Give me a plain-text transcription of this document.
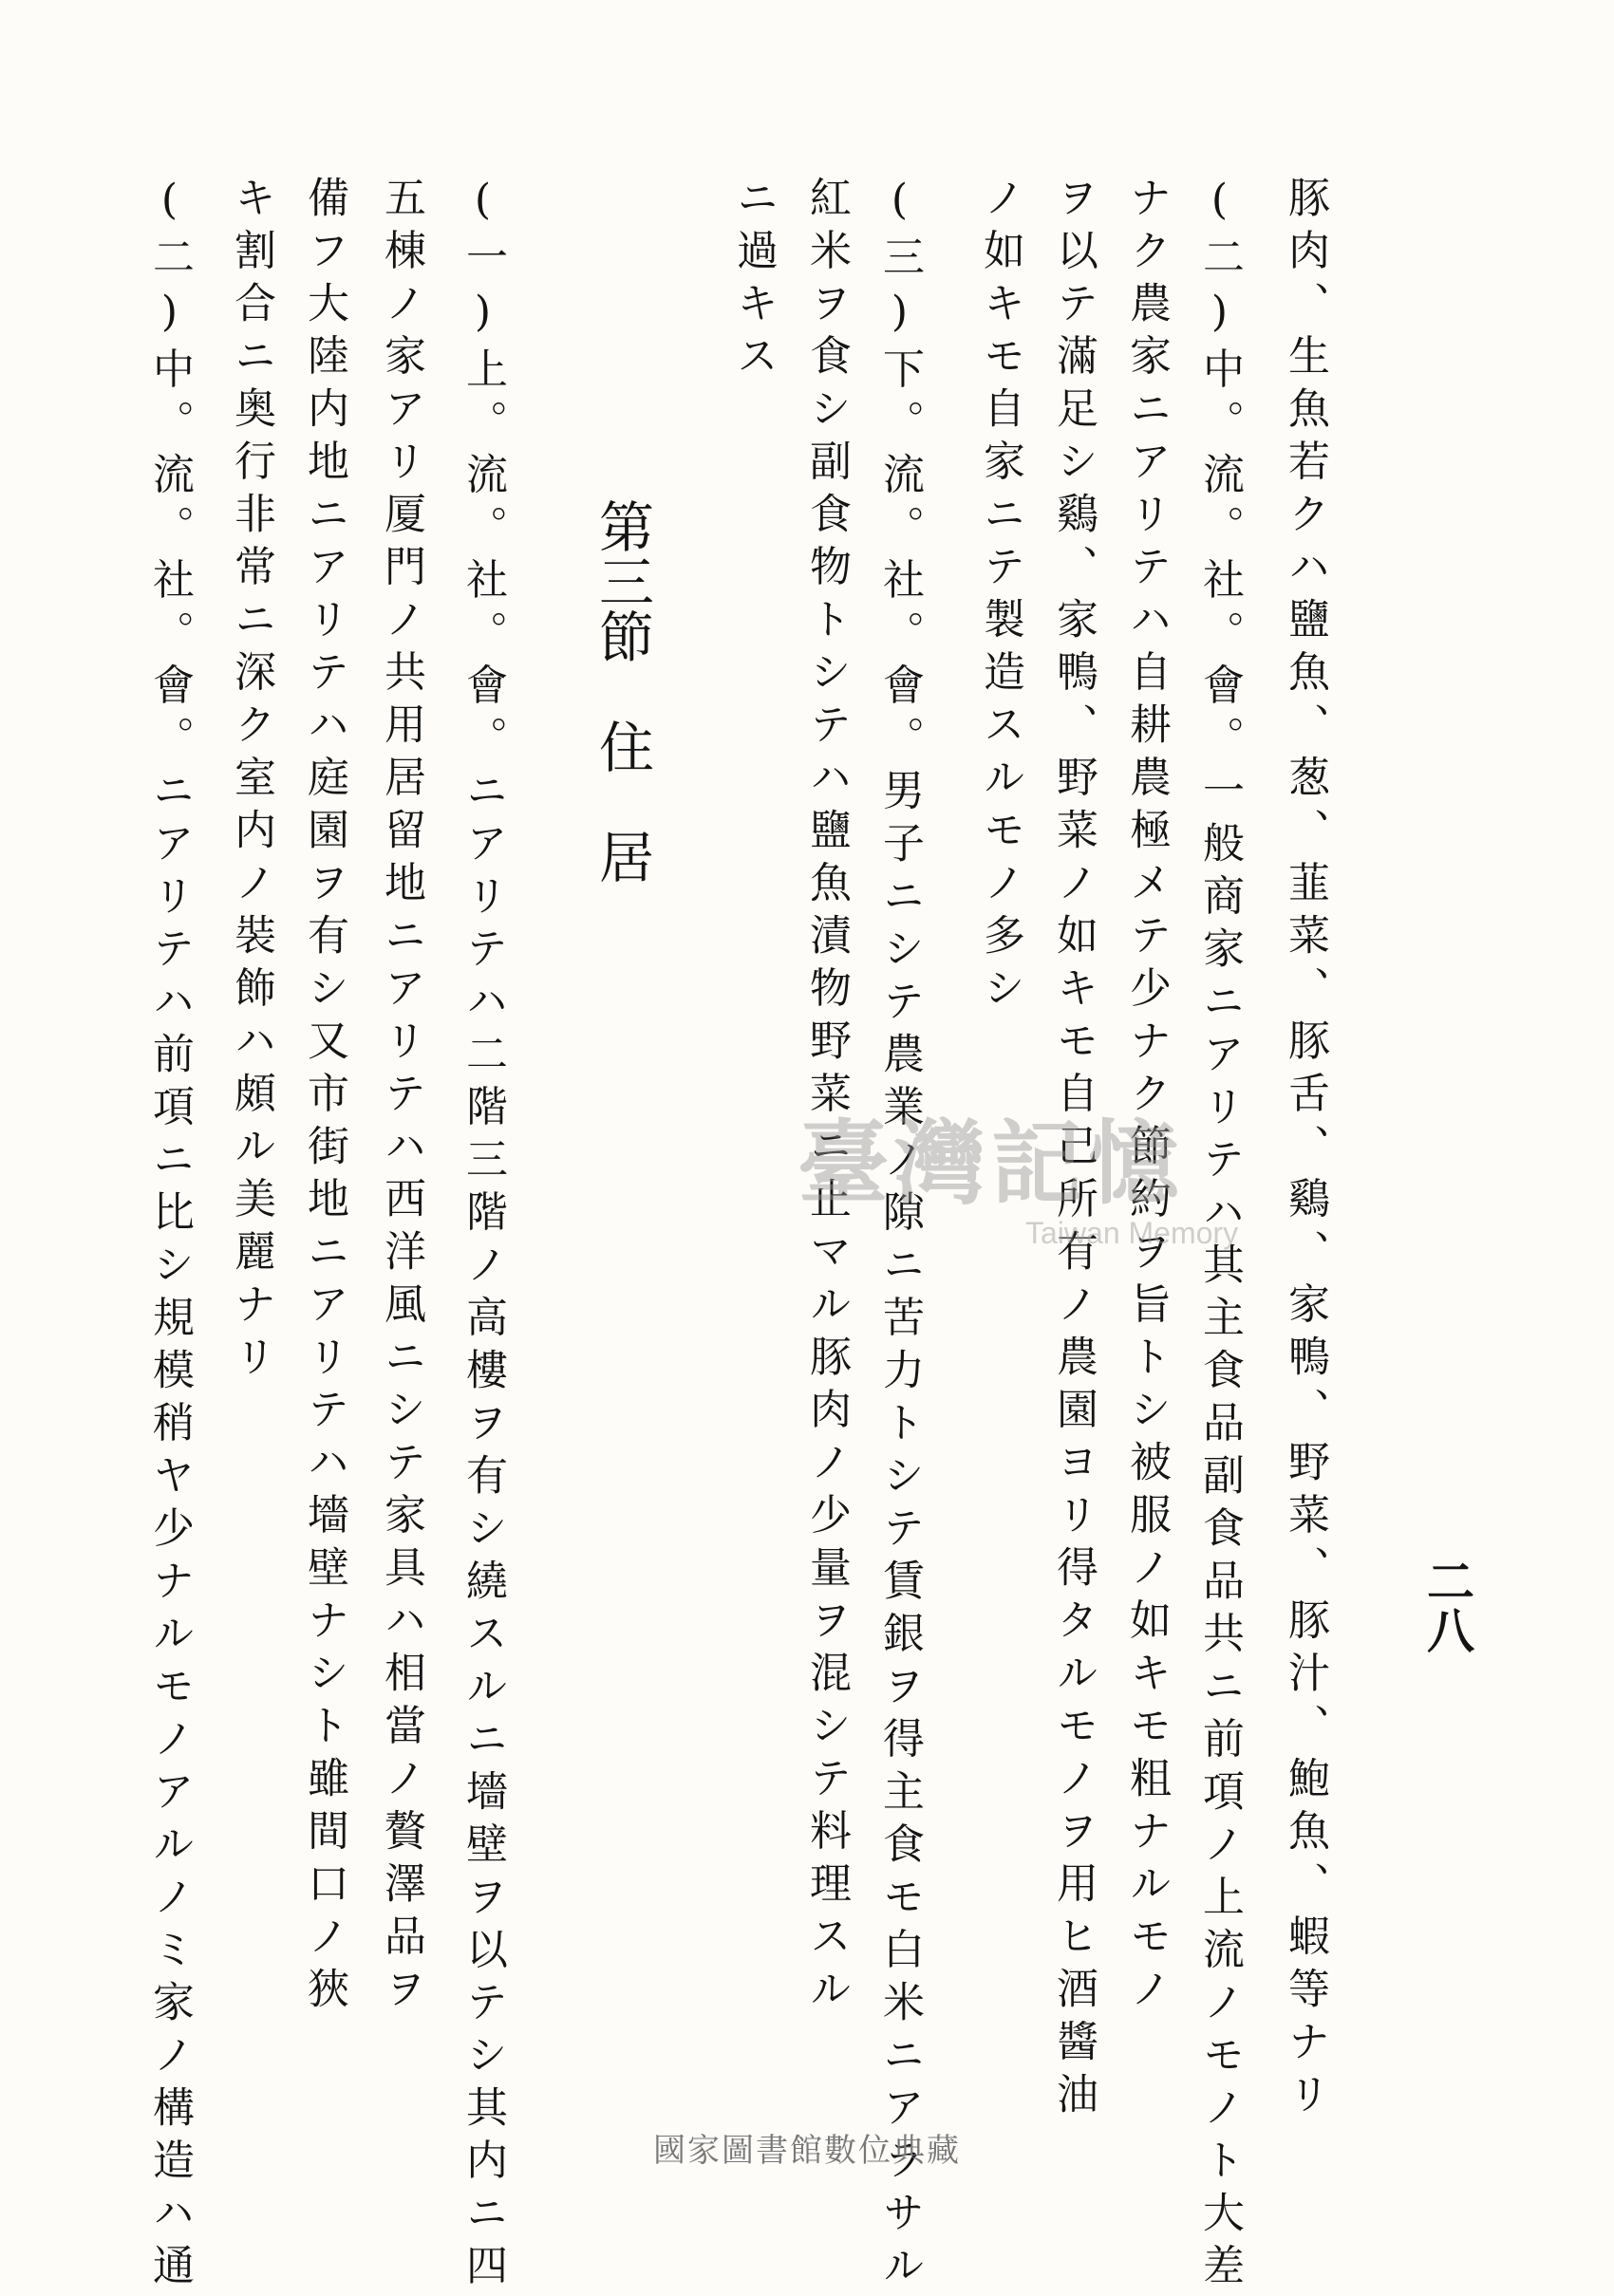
二八
豚肉、生魚若クハ鹽魚、葱、韮菜、豚舌、鷄、家鴨、野菜、豚汁、鮑魚、蝦等ナリ
(二)中。流。社。會。一般商家ニアリテハ其主食品副食品共ニ前項ノ上流ノモノト大差
ナク農家ニアリテハ自耕農極メテ少ナク節約ヲ旨トシ被服ノ如キモ粗ナルモノ
ヲ以テ滿足シ鷄、家鴨、野菜ノ如キモ自己所有ノ農園ヨリ得タルモノヲ用ヒ酒醬油
ノ如キモ自家ニテ製造スルモノ多シ
(三)下。流。社。會。男子ニシテ農業ノ隙ニ苦力トシテ賃銀ヲ得主食モ白米ニアラサル
紅米ヲ食シ副食物トシテハ鹽魚漬物野菜ニ止マル豚肉ノ少量ヲ混シテ料理スル
ニ過キス
第三節　住　居
(一)上。流。社。會。ニアリテハ二階三階ノ高樓ヲ有シ繞スルニ墻壁ヲ以テシ其内ニ四
五棟ノ家アリ厦門ノ共用居留地ニアリテハ西洋風ニシテ家具ハ相當ノ贅澤品ヲ
備フ大陸内地ニアリテハ庭園ヲ有シ又市街地ニアリテハ墻壁ナシト雖間口ノ狹
キ割合ニ奥行非常ニ深ク室内ノ裝飾ハ頗ル美麗ナリ
(二)中。流。社。會。ニアリテハ前項ニ比シ規模稍ヤ少ナルモノアルノミ家ノ構造ハ通	臺灣記憶
Taiwan Memory
國家圖書館數位典藏
